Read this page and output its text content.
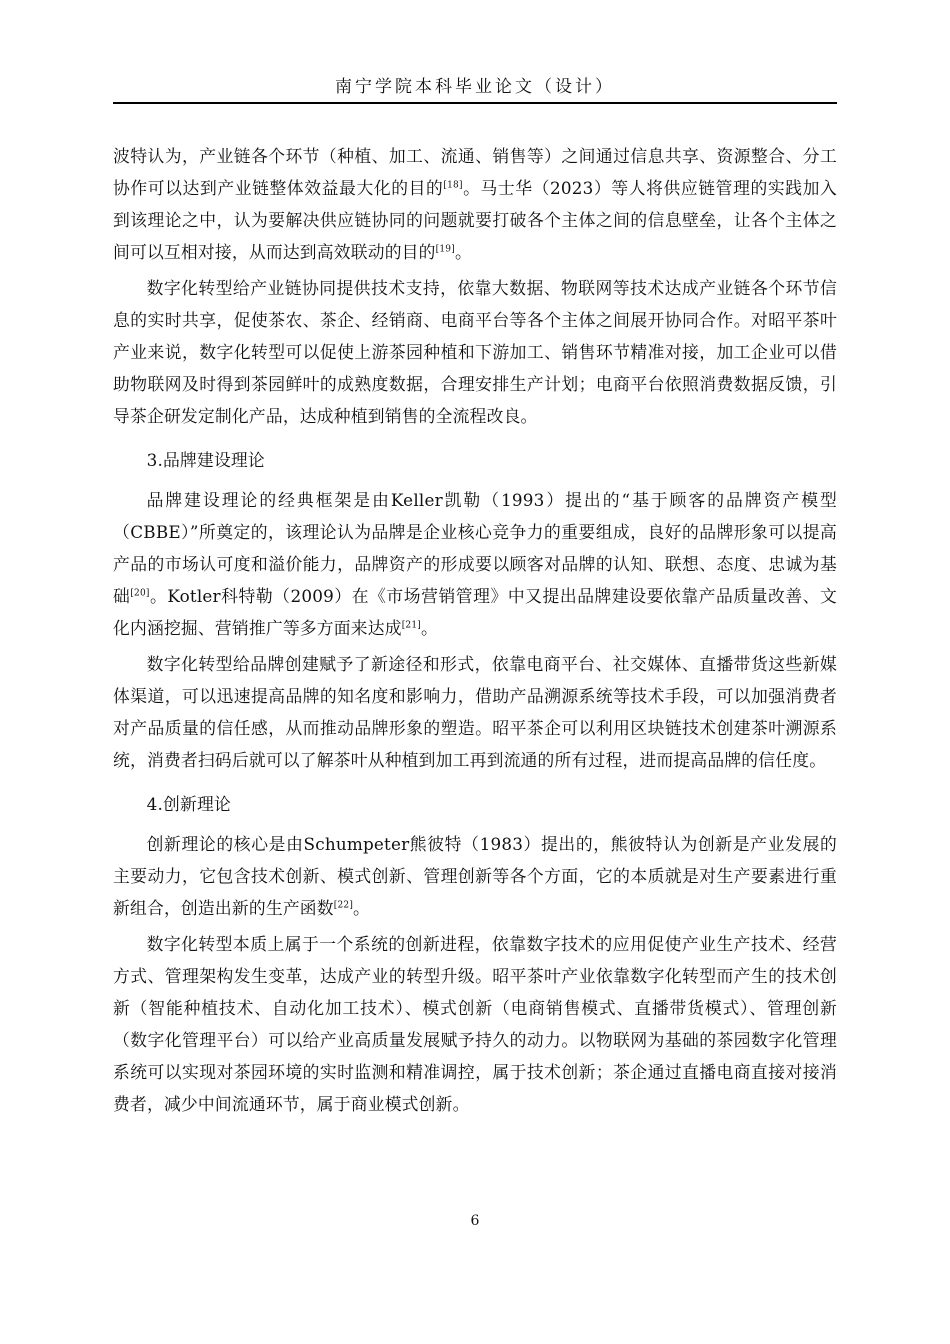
南宁学院本科毕业论文（设计）

波特认为，产业链各个环节（种植、加工、流通、销售等）之间通过信息共享、资源整合、分工协作可以达到产业链整体效益最大化的目的[18]。马士华（2023）等人将供应链管理的实践加入到该理论之中，认为要解决供应链协同的问题就要打破各个主体之间的信息壁垒，让各个主体之间可以互相对接，从而达到高效联动的目的[19]。

数字化转型给产业链协同提供技术支持，依靠大数据、物联网等技术达成产业链各个环节信息的实时共享，促使茶农、茶企、经销商、电商平台等各个主体之间展开协同合作。对昭平茶叶产业来说，数字化转型可以促使上游茶园种植和下游加工、销售环节精准对接，加工企业可以借助物联网及时得到茶园鲜叶的成熟度数据，合理安排生产计划；电商平台依照消费数据反馈，引导茶企研发定制化产品，达成种植到销售的全流程改良。

3.品牌建设理论

品牌建设理论的经典框架是由Keller凯勒（1993）提出的“基于顾客的品牌资产模型（CBBE）”所奠定的，该理论认为品牌是企业核心竞争力的重要组成，良好的品牌形象可以提高产品的市场认可度和溢价能力，品牌资产的形成要以顾客对品牌的认知、联想、态度、忠诚为基础[20]。Kotler科特勒（2009）在《市场营销管理》中又提出品牌建设要依靠产品质量改善、文化内涵挖掘、营销推广等多方面来达成[21]。

数字化转型给品牌创建赋予了新途径和形式，依靠电商平台、社交媒体、直播带货这些新媒体渠道，可以迅速提高品牌的知名度和影响力，借助产品溯源系统等技术手段，可以加强消费者对产品质量的信任感，从而推动品牌形象的塑造。昭平茶企可以利用区块链技术创建茶叶溯源系统，消费者扫码后就可以了解茶叶从种植到加工再到流通的所有过程，进而提高品牌的信任度。

4.创新理论

创新理论的核心是由Schumpeter熊彼特（1983）提出的，熊彼特认为创新是产业发展的主要动力，它包含技术创新、模式创新、管理创新等各个方面，它的本质就是对生产要素进行重新组合，创造出新的生产函数[22]。

数字化转型本质上属于一个系统的创新进程，依靠数字技术的应用促使产业生产技术、经营方式、管理架构发生变革，达成产业的转型升级。昭平茶叶产业依靠数字化转型而产生的技术创新（智能种植技术、自动化加工技术）、模式创新（电商销售模式、直播带货模式）、管理创新（数字化管理平台）可以给产业高质量发展赋予持久的动力。以物联网为基础的茶园数字化管理系统可以实现对茶园环境的实时监测和精准调控，属于技术创新；茶企通过直播电商直接对接消费者，减少中间流通环节，属于商业模式创新。

6
